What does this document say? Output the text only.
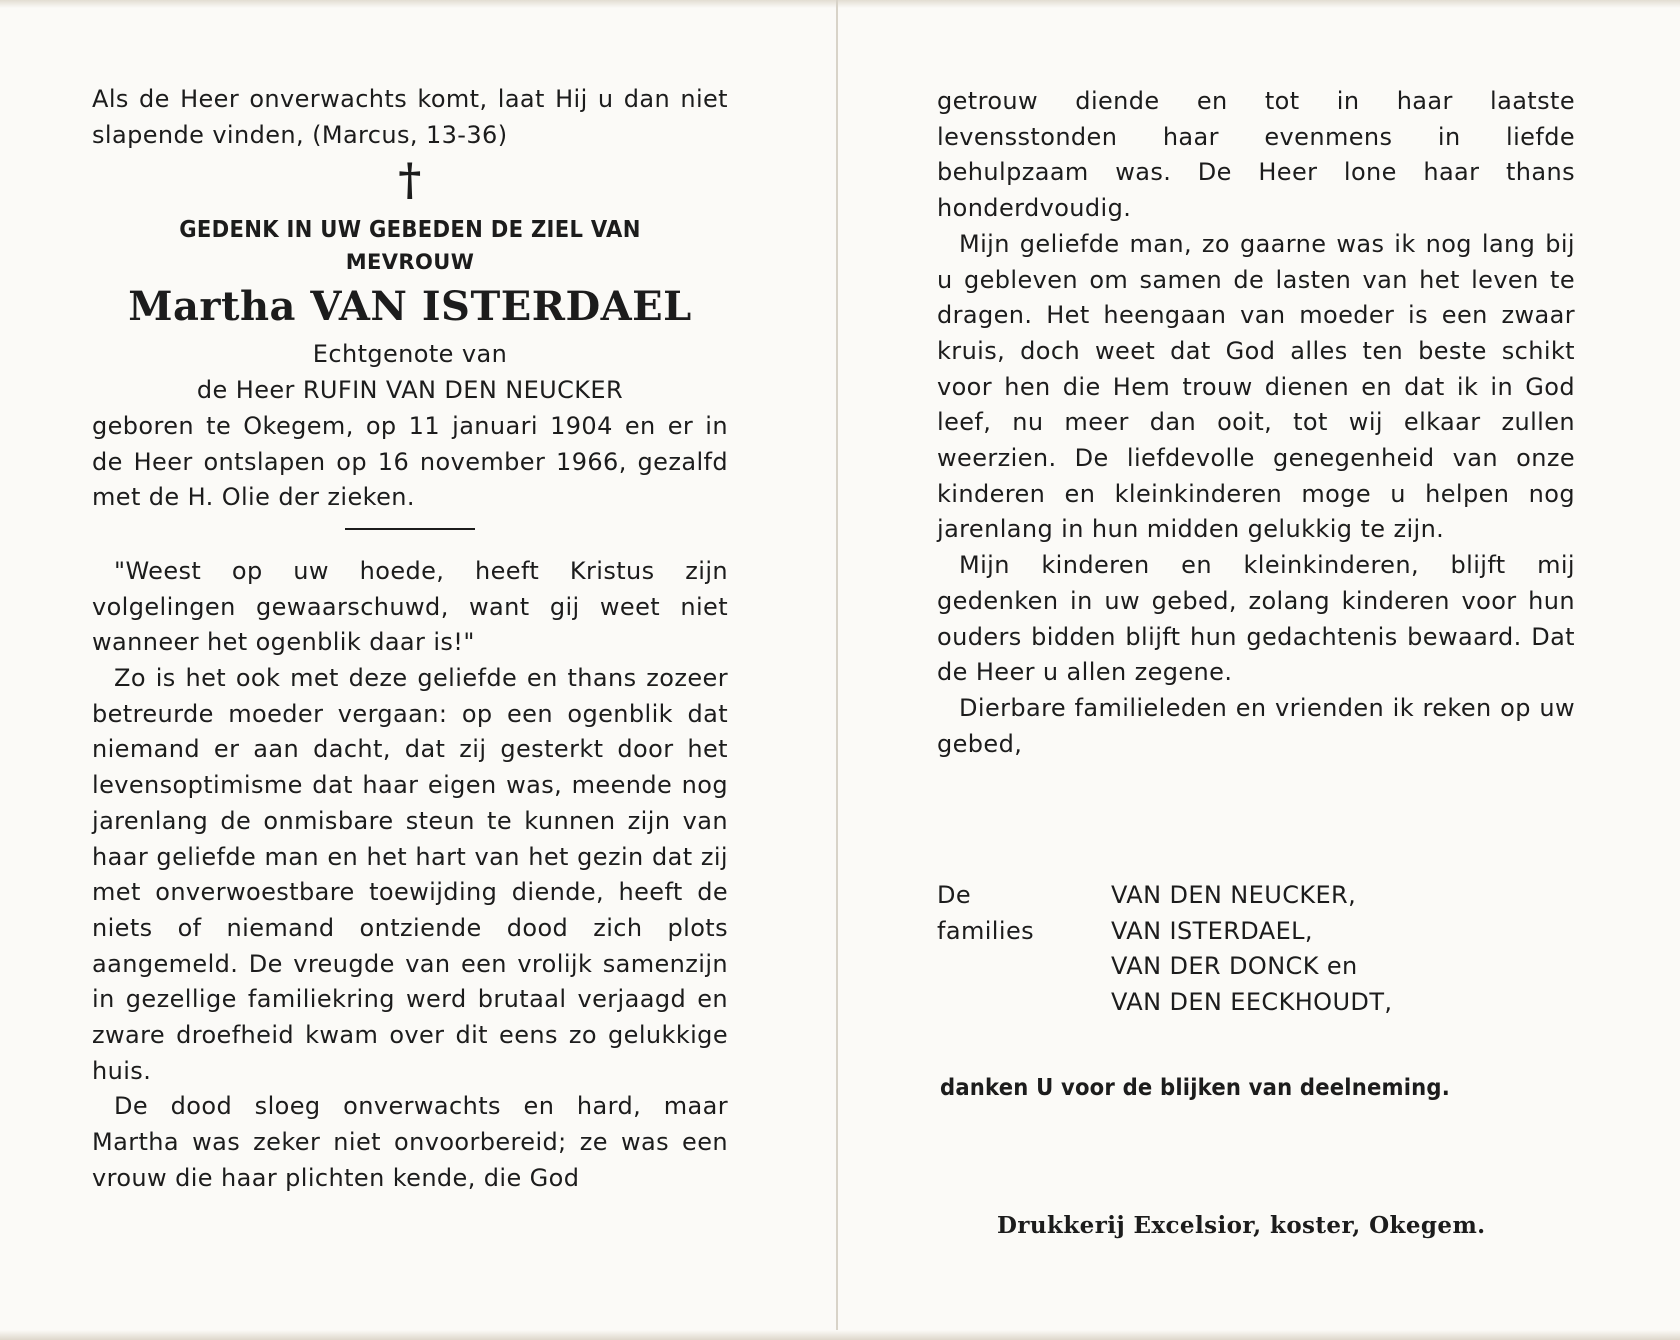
Als de Heer onverwachts komt, laat Hij u dan niet slapende vinden, (Marcus, 13-36)

†
GEDENK IN UW GEBEDEN DE ZIEL VAN
MEVROUW
Martha VAN ISTERDAEL
Echtgenote van
de Heer RUFIN VAN DEN NEUCKER

geboren te Okegem, op 11 januari 1904 en er in de Heer ontslapen op 16 november 1966, gezalfd met de H. Olie der zieken.

"Weest op uw hoede, heeft Kristus zijn volgelingen gewaarschuwd, want gij weet niet wanneer het ogenblik daar is!"

Zo is het ook met deze geliefde en thans zozeer betreurde moeder vergaan: op een ogenblik dat niemand er aan dacht, dat zij gesterkt door het levensoptimisme dat haar eigen was, meende nog jarenlang de onmisbare steun te kunnen zijn van haar geliefde man en het hart van het gezin dat zij met onverwoestbare toewijding diende, heeft de niets of niemand ontziende dood zich plots aangemeld. De vreugde van een vrolijk samenzijn in gezellige familiekring werd brutaal verjaagd en zware droefheid kwam over dit eens zo gelukkige huis.

De dood sloeg onverwachts en hard, maar Martha was zeker niet onvoorbereid; ze was een vrouw die haar plichten kende, die God

getrouw diende en tot in haar laatste levensstonden haar evenmens in liefde behulpzaam was. De Heer lone haar thans honderdvoudig.

Mijn geliefde man, zo gaarne was ik nog lang bij u gebleven om samen de lasten van het leven te dragen. Het heengaan van moeder is een zwaar kruis, doch weet dat God alles ten beste schikt voor hen die Hem trouw dienen en dat ik in God leef, nu meer dan ooit, tot wij elkaar zullen weerzien. De liefdevolle genegenheid van onze kinderen en kleinkinderen moge u helpen nog jarenlang in hun midden gelukkig te zijn.

Mijn kinderen en kleinkinderen, blijft mij gedenken in uw gebed, zolang kinderen voor hun ouders bidden blijft hun gedachtenis bewaard. Dat de Heer u allen zegene.

Dierbare familieleden en vrienden ik reken op uw gebed,

De families
VAN DEN NEUCKER,
VAN ISTERDAEL,
VAN DER DONCK en
VAN DEN EECKHOUDT,
danken U voor de blijken van deelneming.
Drukkerij Excelsior, koster, Okegem.
